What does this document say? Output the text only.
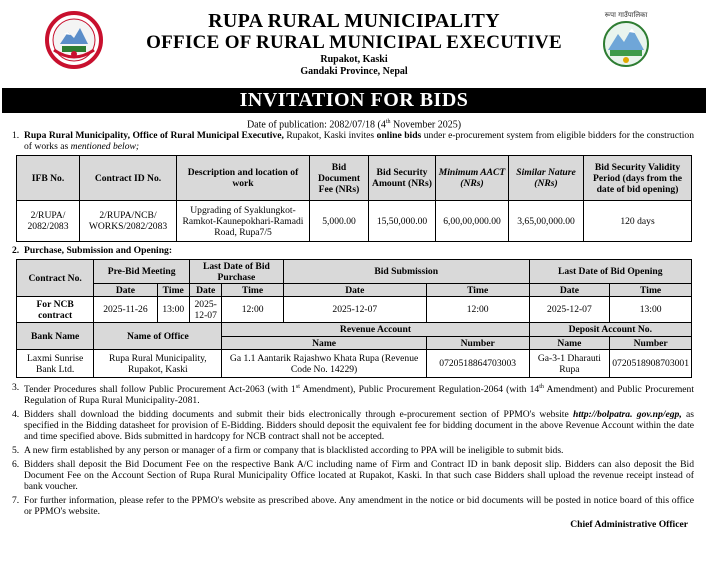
RUPA RURAL MUNICIPALITY
OFFICE OF RURAL MUNICIPAL EXECUTIVE
Rupakot, Kaski
Gandaki Province, Nepal
रूपा गाउँपालिका
INVITATION FOR BIDS
Date of publication: 2082/07/18 (4th November 2025)
1. Rupa Rural Municipality, Office of Rural Municipal Executive, Rupakot, Kaski invites online bids under e-procurement system from eligible bidders for the construction of works as mentioned below;
IFB No.	Contract ID No.	Description and location of work	Bid Document Fee (NRs)	Bid Security Amount (NRs)	Minimum AACT (NRs)	Similar Nature (NRs)	Bid Security Validity Period (days from the date of bid opening)
2/RUPA/ 2082/2083	2/RUPA/NCB/ WORKS/2082/2083	Upgrading of Syaklungkot-Ramkot-Kaunepokhari-Ramadi Road, Rupa7/5	5,000.00	15,50,000.00	6,00,00,000.00	3,65,00,000.00	120 days
2. Purchase, Submission and Opening:
Contract No.	Pre-Bid Meeting		Last Date of Bid Purchase		Bid Submission		Last Date of Bid Opening	
	Date	Time	Date	Time	Date	Time	Date	Time
For NCB contract	2025-11-26	13:00	2025-12-07	12:00	2025-12-07	12:00	2025-12-07	13:00
Bank Name	Name of Office			Revenue Account			Deposit Account No.	
				Name		Number	Name	Number
Laxmi Sunrise Bank Ltd.	Rupa Rural Municipality, Rupakot, Kaski			Ga 1.1 Aantarik Rajashwo Khata Rupa (Revenue Code No. 14229)		0720518864703003	Ga-3-1 Dharauti Rupa	0720518908703001
3. Tender Procedures shall follow Public Procurement Act-2063 (with 1st Amendment), Public Procurement Regulation-2064 (with 14th Amendment) and Public Procurement Regulation of Rupa Rural Municipality-2081.
4. Bidders shall download the bidding documents and submit their bids electronically through e-procurement section of PPMO's website http://bolpatra. gov.np/egp, as specified in the Bidding datasheet for provision of E-Bidding. Bidders should deposit the equivalent fee for bidding document in the above Revenue Account within the date and time specified above. Bids submitted in hardcopy for NCB contract shall not be accepted.
5. A new firm established by any person or manager of a firm or company that is blacklisted according to PPA will be ineligible to submit bids.
6. Bidders shall deposit the Bid Document Fee on the respective Bank A/C including name of Firm and Contract ID in bank deposit slip. Bidders can also deposit the Bid Document Fee on the Account Section of Rupa Rural Municipality Office located at Rupakot, Kaski. In that such case Bidders shall upload the revenue receipt instead of bank voucher.
7. For further information, please refer to the PPMO's website as prescribed above. Any amendment in the notice or bid documents will be posted in notice board of this office or PPMO's website.
Chief Administrative Officer
